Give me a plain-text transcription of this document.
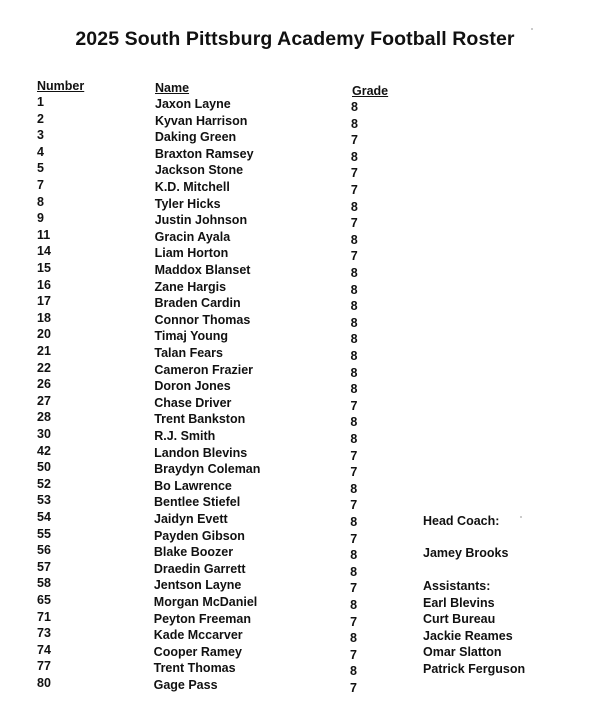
2025 South Pittsburg Academy Football Roster
Number	Name	Grade
1	Jaxon Layne	8
2	Kyvan Harrison	8
3	Daking Green	7
4	Braxton Ramsey	8
5	Jackson Stone	7
7	K.D. Mitchell	7
8	Tyler Hicks	8
9	Justin Johnson	7
11	Gracin Ayala	8
14	Liam Horton	7
15	Maddox Blanset	8
16	Zane Hargis	8
17	Braden Cardin	8
18	Connor Thomas	8
20	Timaj Young	8
21	Talan Fears	8
22	Cameron Frazier	8
26	Doron Jones	8
27	Chase Driver	7
28	Trent Bankston	8
30	R.J. Smith	8
42	Landon Blevins	7
50	Braydyn Coleman	7
52	Bo Lawrence	8
53	Bentlee Stiefel	7
54	Jaidyn Evett	8
55	Payden Gibson	7
56	Blake Boozer	8
57	Draedin Garrett	8
58	Jentson Layne	7
65	Morgan McDaniel	8
71	Peyton Freeman	7
73	Kade Mccarver	8
74	Cooper Ramey	7
77	Trent Thomas	8
80	Gage Pass	7
Head Coach:
Jamey Brooks
Assistants:
Earl Blevins
Curt Bureau
Jackie Reames
Omar Slatton
Patrick Ferguson
